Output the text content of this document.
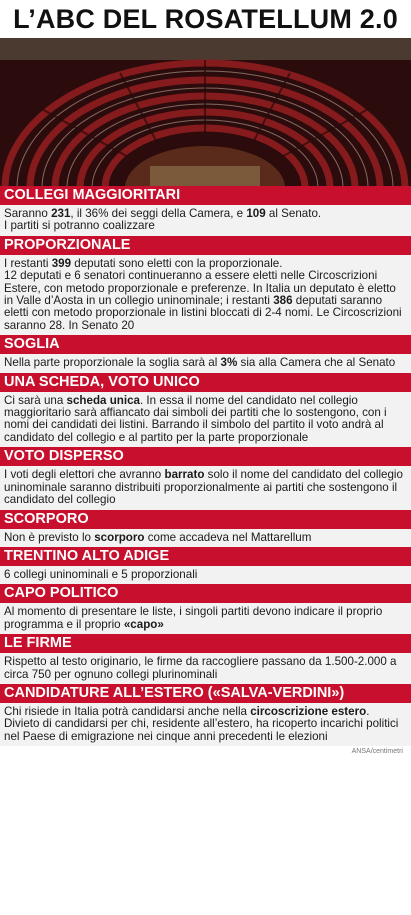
L’ABC DEL ROSATELLUM 2.0
COLLEGI MAGGIORITARI
Saranno 231, il 36% dei seggi della Camera, e 109 al Senato.
I partiti si potranno coalizzare
PROPORZIONALE
I restanti 399 deputati sono eletti con la proporzionale.
12 deputati e 6 senatori continueranno a essere eletti nelle Circoscrizioni Estere, con metodo proporzionale e preferenze. In Italia un deputato è eletto in Valle d’Aosta in un collegio uninominale; i restanti 386 deputati saranno eletti con metodo proporzionale in listini bloccati di 2-4 nomi. Le Circoscrizioni saranno 28. In Senato 20
SOGLIA
Nella parte proporzionale la soglia sarà al 3% sia alla Camera che al Senato
UNA SCHEDA, VOTO UNICO
Ci sarà una scheda unica. In essa il nome del candidato nel collegio maggioritario sarà affiancato dai simboli dei partiti che lo sostengono, con i nomi dei candidati dei listini. Barrando il simbolo del partito il voto andrà al candidato del collegio e al partito per la parte proporzionale
VOTO DISPERSO
I voti degli elettori che avranno barrato solo il nome del candidato del collegio uninominale saranno distribuiti proporzionalmente ai partiti che sostengono il candidato del collegio
SCORPORO
Non è previsto lo scorporo come accadeva nel Mattarellum
TRENTINO ALTO ADIGE
6 collegi uninominali e 5 proporzionali
CAPO POLITICO
Al momento di presentare le liste, i singoli partiti devono indicare il proprio programma e il proprio «capo»
LE FIRME
Rispetto al testo originario, le firme da raccogliere passano da 1.500-2.000 a circa 750 per ognuno collegi plurinominali
CANDIDATURE ALL’ESTERO («SALVA-VERDINI»)
Chi risiede in Italia potrà candidarsi anche nella circoscrizione estero. Divieto di candidarsi per chi, residente all’estero, ha ricoperto incarichi politici nel Paese di emigrazione nei cinque anni precedenti le elezioni
ANSA/centimetri
